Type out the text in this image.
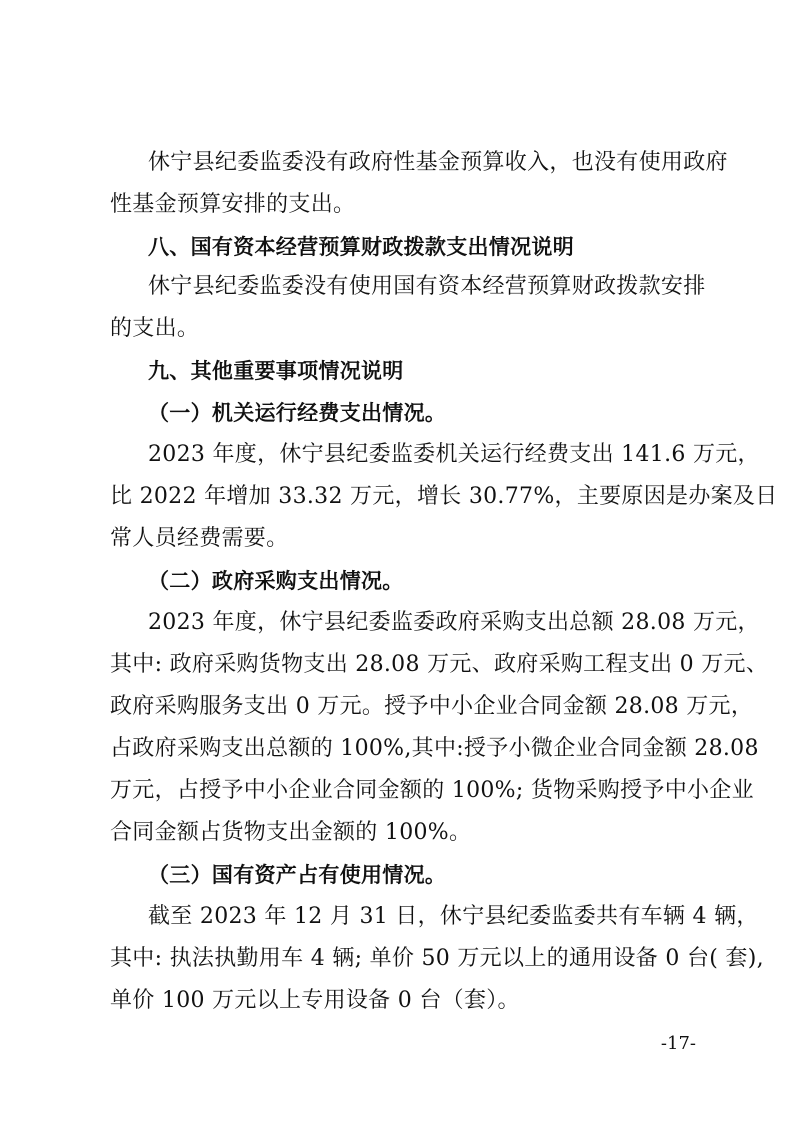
休宁县纪委监委没有政府性基金预算收入，也没有使用政府
性基金预算安排的支出。
八、国有资本经营预算财政拨款支出情况说明
休宁县纪委监委没有使用国有资本经营预算财政拨款安排
的支出。
九、其他重要事项情况说明
（一）机关运行经费支出情况。
2023 年度，休宁县纪委监委机关运行经费支出 141.6 万元，
比 2022 年增加 33.32 万元，增长 30.77%，主要原因是办案及日
常人员经费需要。
（二）政府采购支出情况。
2023 年度，休宁县纪委监委政府采购支出总额 28.08 万元，
其中: 政府采购货物支出 28.08 万元、政府采购工程支出 0 万元、
政府采购服务支出 0 万元。授予中小企业合同金额 28.08 万元，
占政府采购支出总额的 100%,其中:授予小微企业合同金额 28.08
万元，占授予中小企业合同金额的 100%; 货物采购授予中小企业
合同金额占货物支出金额的 100%。
（三）国有资产占有使用情况。
截至 2023 年 12 月 31 日，休宁县纪委监委共有车辆 4 辆，
其中: 执法执勤用车 4 辆; 单价 50 万元以上的通用设备 0 台( 套),
单价 100 万元以上专用设备 0 台（套）。
-17-
